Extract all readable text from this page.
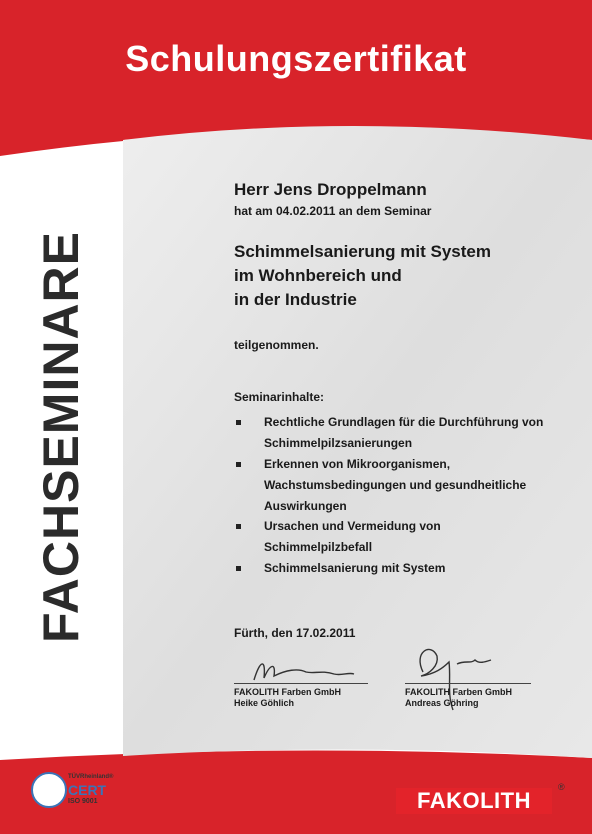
Schulungszertifikat
FACHSEMINARE
Herr Jens Droppelmann
hat am 04.02.2011 an dem Seminar
Schimmelsanierung mit System
im Wohnbereich und
in der Industrie
teilgenommen.
Seminarinhalte:
Rechtliche Grundlagen für die Durchführung von
Schimmelpilzsanierungen
Erkennen von Mikroorganismen,
Wachstumsbedingungen und gesundheitliche
Auswirkungen
Ursachen und Vermeidung von
Schimmelpilzbefall
Schimmelsanierung mit System
Fürth, den 17.02.2011
FAKOLITH Farben GmbH
Heike Göhlich
FAKOLITH Farben GmbH
Andreas Göhring
TÜVRheinland®
CERT
ISO 9001	FAKOLITH
®
